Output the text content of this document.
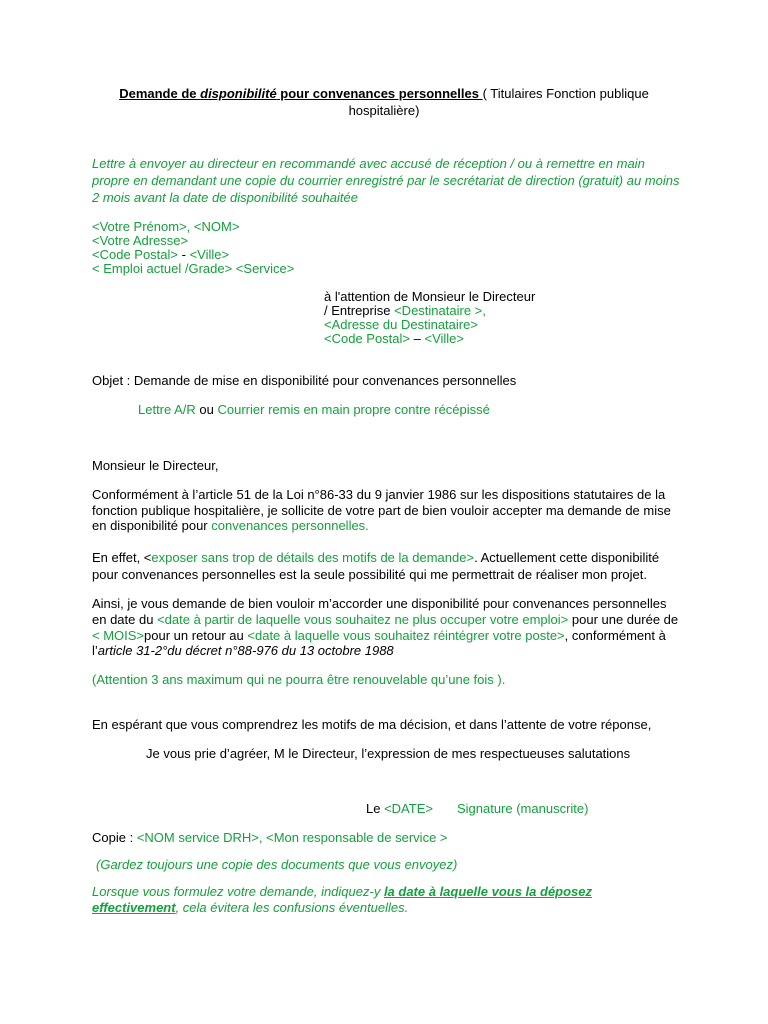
Demande de disponibilité pour convenances personnelles ( Titulaires Fonction publique
hospitalière)
Lettre à envoyer au directeur en recommandé avec accusé de réception / ou à remettre en main
propre en demandant une copie du courrier enregistré par le secrétariat de direction (gratuit) au moins
2 mois avant la date de disponibilité souhaitée
<Votre Prénom>, <NOM>
<Votre Adresse>
<Code Postal> - <Ville>
< Emploi actuel /Grade> <Service>
à l'attention de Monsieur le Directeur
/ Entreprise <Destinataire >,
<Adresse du Destinataire>
<Code Postal> – <Ville>
Objet : Demande de mise en disponibilité pour convenances personnelles
Lettre A/R ou Courrier remis en main propre contre récépissé
Monsieur le Directeur,
Conformément à l’article 51 de la Loi n°86-33 du 9 janvier 1986 sur les dispositions statutaires de la
fonction publique hospitalière, je sollicite de votre part de bien vouloir accepter ma demande de mise
en disponibilité pour convenances personnelles.
En effet, <exposer sans trop de détails des motifs de la demande>. Actuellement cette disponibilité
pour convenances personnelles est la seule possibilité qui me permettrait de réaliser mon projet.
Ainsi, je vous demande de bien vouloir m’accorder une disponibilité pour convenances personnelles
en date du <date à partir de laquelle vous souhaitez ne plus occuper votre emploi> pour une durée de
< MOIS>pour un retour au <date à laquelle vous souhaitez réintégrer votre poste>, conformément à
l’article 31-2°du décret n°88-976 du 13 octobre 1988
(Attention 3 ans maximum qui ne pourra être renouvelable qu’une fois ).
En espérant que vous comprendrez les motifs de ma décision, et dans l’attente de votre réponse,
Je vous prie d’agréer, M le Directeur, l’expression de mes respectueuses salutations
Le <DATE> Signature (manuscrite)
Copie : <NOM service DRH>, <Mon responsable de service >
(Gardez toujours une copie des documents que vous envoyez)
Lorsque vous formulez votre demande, indiquez-y la date à laquelle vous la déposez
effectivement, cela évitera les confusions éventuelles.
